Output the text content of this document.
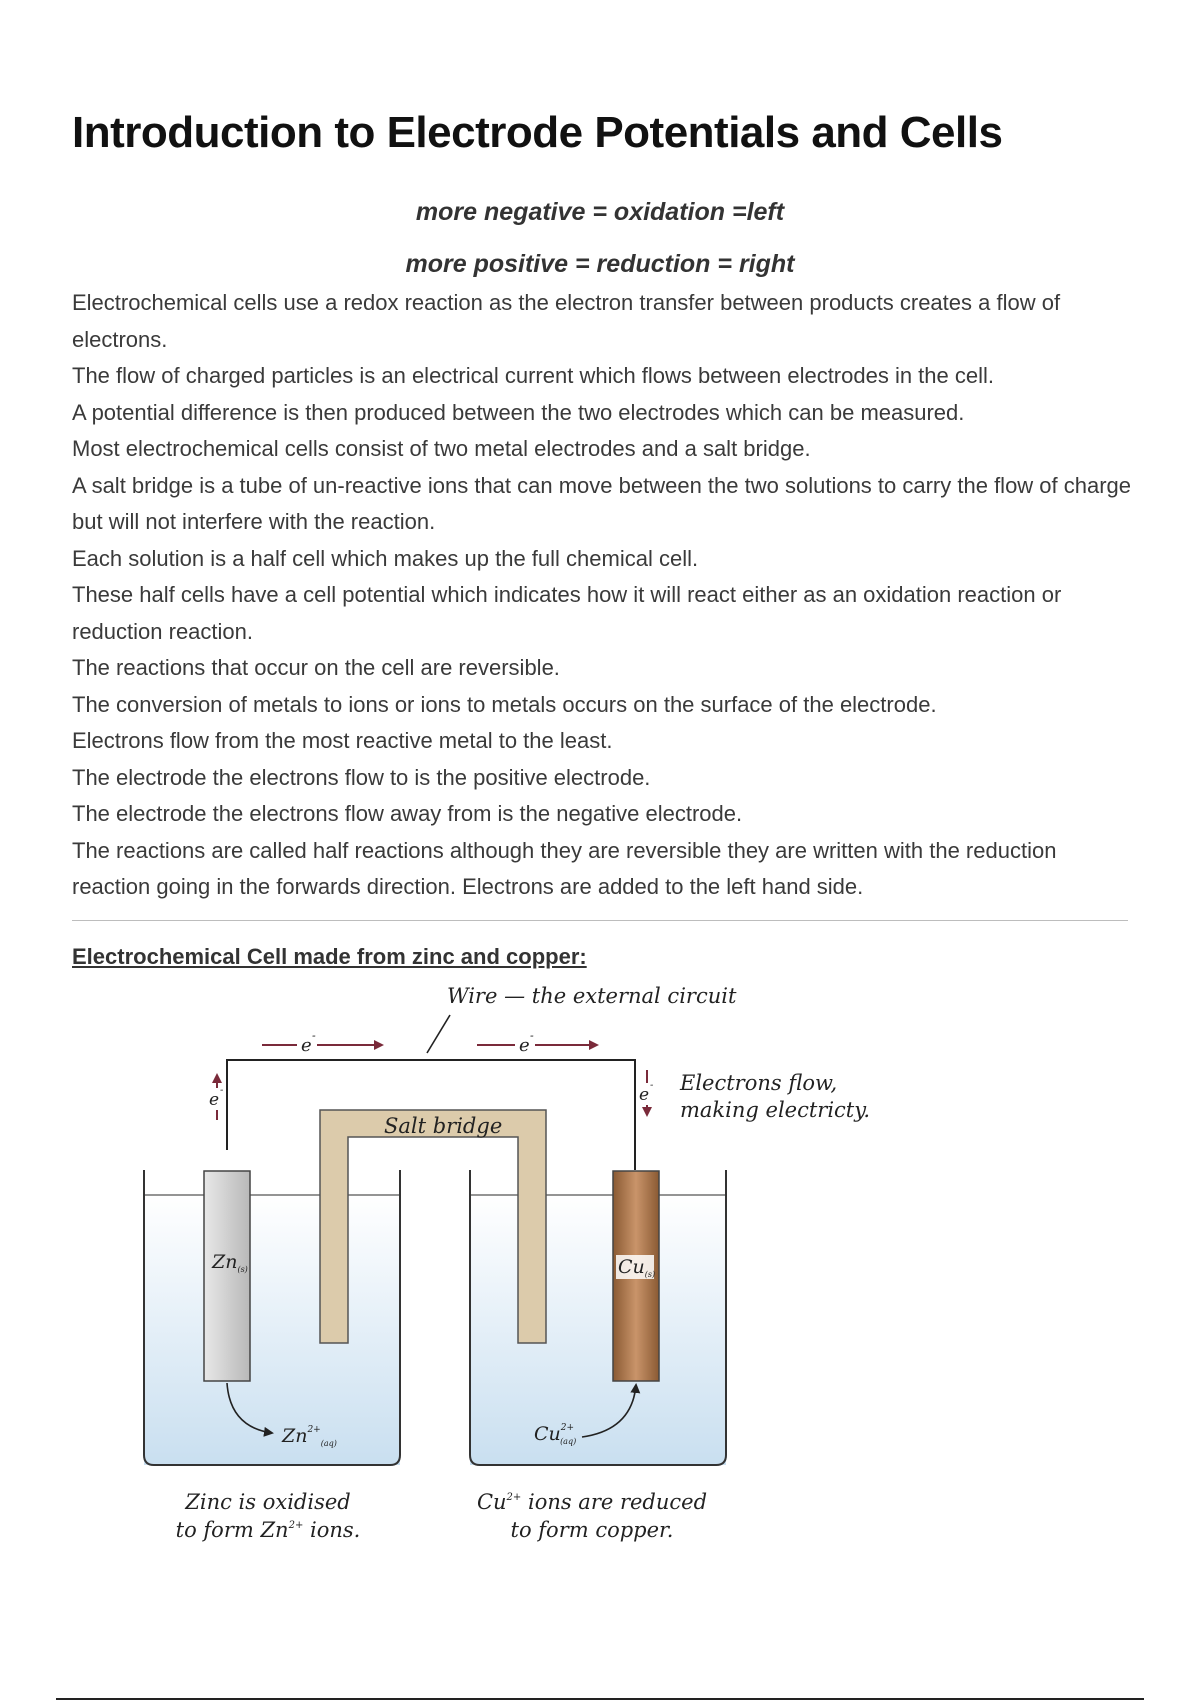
Introduction to Electrode Potentials and Cells
more negative = oxidation =left
more positive = reduction = right

Electrochemical cells use a redox reaction as the electron transfer between products creates a flow of electrons.

The flow of charged particles is an electrical current which flows between electrodes in the cell.

A potential difference is then produced between the two electrodes which can be measured.

Most electrochemical cells consist of two metal electrodes and a salt bridge.

A salt bridge is a tube of un-reactive ions that can move between the two solutions to carry the flow of charge but will not interfere with the reaction.

Each solution is a half cell which makes up the full chemical cell.

These half cells have a cell potential which indicates how it will react either as an oxidation reaction or reduction reaction.

The reactions that occur on the cell are reversible.

The conversion of metals to ions or ions to metals occurs on the surface of the electrode.

Electrons flow from the most reactive metal to the least.

The electrode the electrons flow to is the positive electrode.

The electrode the electrons flow away from is the negative electrode.

The reactions are called half reactions although they are reversible they are written with the reduction reaction going in the forwards direction. Electrons are added to the left hand side.

Electrochemical Cell made from zinc and copper:
Wire — the external circuit
e -	e -
e -	e - Electrons flow,
making electricty.
Salt bridge
$Zn_{(s)}$	$Cu_{(s)}$
$Zn^{2+}_{(aq)}$	$Cu^{2+}$ (aq)
Zinc is oxidised
to form $Zn^{2+}$ ions.
$Cu^{2+}$ ions are reduced
to form copper.
